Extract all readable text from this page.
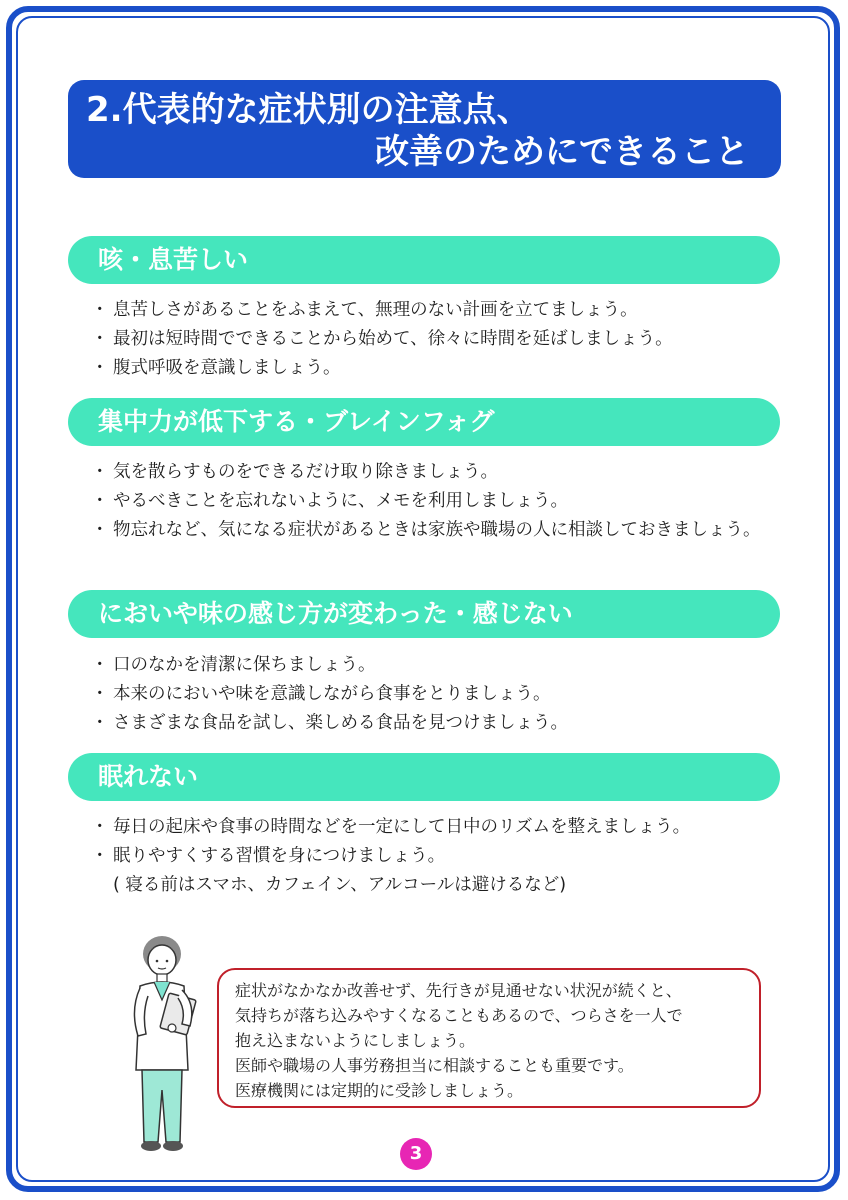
2.代表的な症状別の注意点、
改善のためにできること
咳・息苦しい
・ 息苦しさがあることをふまえて、無理のない計画を立てましょう。
・ 最初は短時間でできることから始めて、徐々に時間を延ばしましょう。
・ 腹式呼吸を意識しましょう。
集中力が低下する・ブレインフォグ
・ 気を散らすものをできるだけ取り除きましょう。
・ やるべきことを忘れないように、メモを利用しましょう。
・ 物忘れなど、気になる症状があるときは家族や職場の人に相談しておきましょう。
においや味の感じ方が変わった・感じない
・ 口のなかを清潔に保ちましょう。
・ 本来のにおいや味を意識しながら食事をとりましょう。
・ さまざまな食品を試し、楽しめる食品を見つけましょう。
眠れない
・ 毎日の起床や食事の時間などを一定にして日中のリズムを整えましょう。
・ 眠りやすくする習慣を身につけましょう。
( 寝る前はスマホ、カフェイン、アルコールは避けるなど)
症状がなかなか改善せず、先行きが見通せない状況が続くと、
気持ちが落ち込みやすくなることもあるので、つらさを一人で
抱え込まないようにしましょう。
医師や職場の人事労務担当に相談することも重要です。
医療機関には定期的に受診しましょう。
3
